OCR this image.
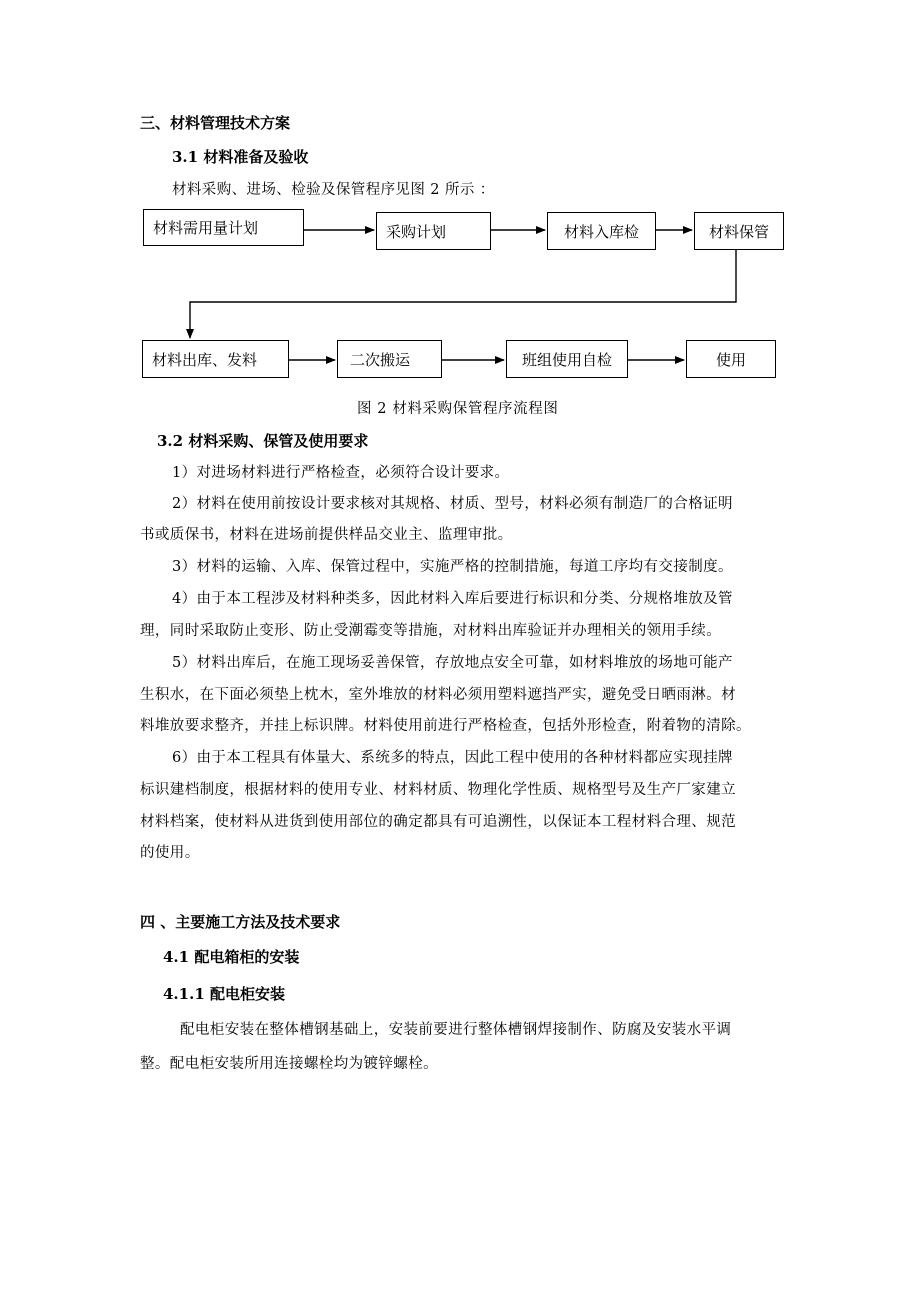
三、材料管理技术方案
3.1 材料准备及验收
材料采购、进场、检验及保管程序见图 2 所示 ：
材料需用量计划	采购计划	材料入库检	材料保管
材料出库、发料	二次搬运	班组使用自检	使用
图 2 材料采购保管程序流程图
3.2 材料采购、保管及使用要求
1）对进场材料进行严格检查，必须符合设计要求。
2）材料在使用前按设计要求核对其规格、材质、型号，材料必须有制造厂的合格证明
书或质保书，材料在进场前提供样品交业主、监理审批。
3）材料的运输、入库、保管过程中，实施严格的控制措施，每道工序均有交接制度。
4）由于本工程涉及材料种类多，因此材料入库后要进行标识和分类、分规格堆放及管
理，同时采取防止变形、防止受潮霉变等措施，对材料出库验证并办理相关的领用手续。
5）材料出库后，在施工现场妥善保管，存放地点安全可靠，如材料堆放的场地可能产
生积水，在下面必须垫上枕木，室外堆放的材料必须用塑料遮挡严实，避免受日晒雨淋。材
料堆放要求整齐，并挂上标识牌。材料使用前进行严格检查，包括外形检查，附着物的清除。
6）由于本工程具有体量大、系统多的特点，因此工程中使用的各种材料都应实现挂牌
标识建档制度，根据材料的使用专业、材料材质、物理化学性质、规格型号及生产厂家建立
材料档案，使材料从进货到使用部位的确定都具有可追溯性，以保证本工程材料合理、规范
的使用。
四 、主要施工方法及技术要求
4.1 配电箱柜的安装
4.1.1 配电柜安装
配电柜安装在整体槽钢基础上，安装前要进行整体槽钢焊接制作、防腐及安装水平调
整。配电柜安装所用连接螺栓均为镀锌螺栓。
